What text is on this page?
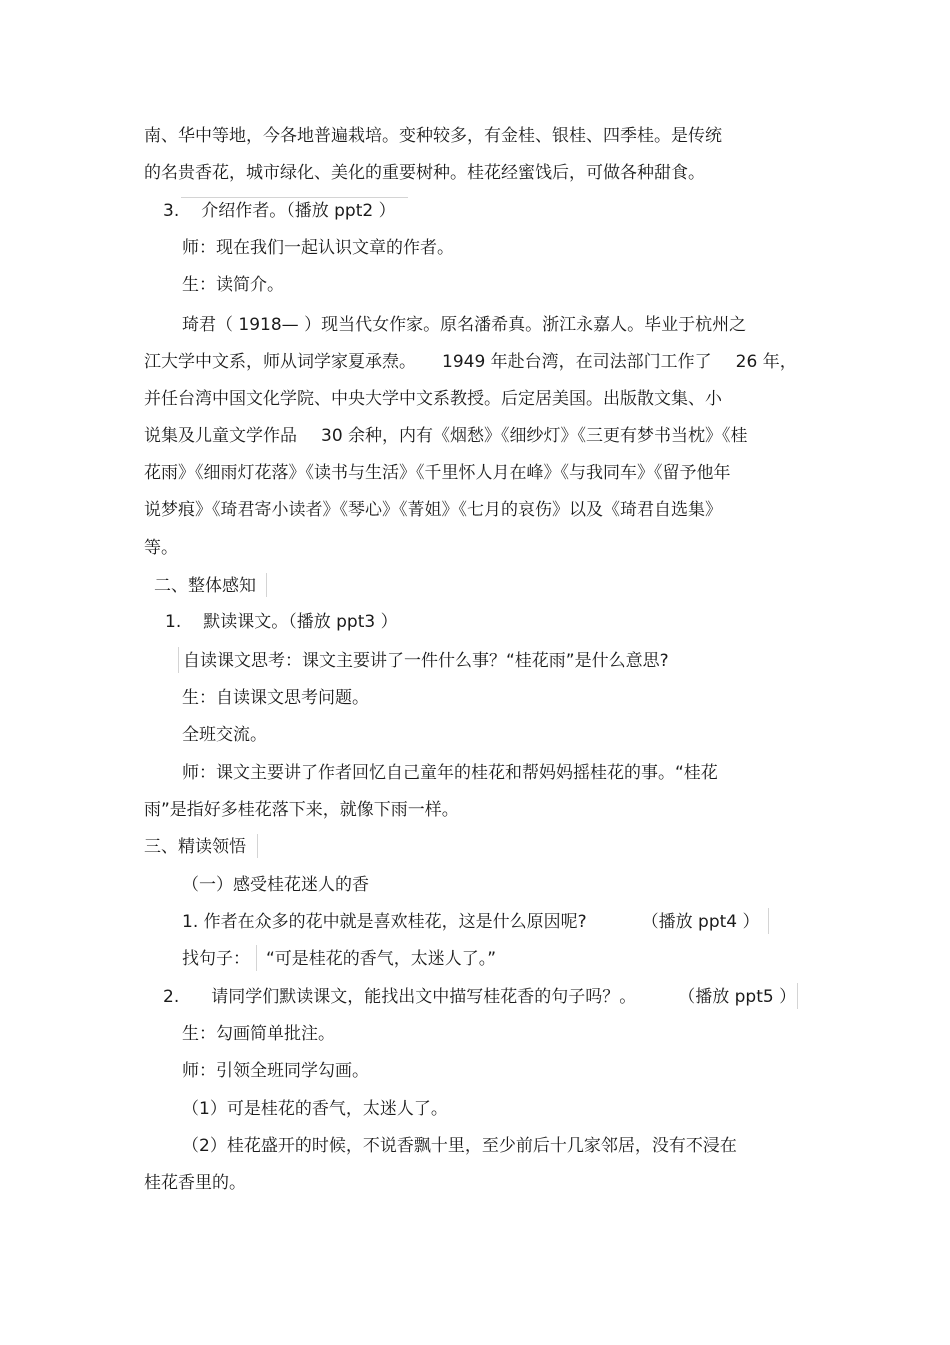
南、华中等地，今各地普遍栽培。变种较多，有金桂、银桂、四季桂。是传统
的名贵香花，城市绿化、美化的重要树种。桂花经蜜饯后，可做各种甜食。
3. 介绍作者。（播放 ppt2 ）
师：现在我们一起认识文章的作者。
生：读简介。
琦君（ 1918— ）现当代女作家。原名潘希真。浙江永嘉人。毕业于杭州之
江大学中文系，师从词学家夏承焘。 1949 年赴台湾，在司法部门工作了 26 年，
并任台湾中国文化学院、中央大学中文系教授。后定居美国。出版散文集、小
说集及儿童文学作品 30 余种，内有《烟愁》《细纱灯》《三更有梦书当枕》《桂
花雨》《细雨灯花落》《读书与生活》《千里怀人月在峰》《与我同车》《留予他年
说梦痕》《琦君寄小读者》《琴心》《菁姐》《七月的哀伤》以及《琦君自选集》
等。
二、整体感知
1. 默读课文。（播放 ppt3 ）
自读课文思考：课文主要讲了一件什么事？“桂花雨”是什么意思?
生：自读课文思考问题。
全班交流。
师：课文主要讲了作者回忆自己童年的桂花和帮妈妈摇桂花的事。“桂花
雨”是指好多桂花落下来，就像下雨一样。
三、精读领悟
（一）感受桂花迷人的香
1. 作者在众多的花中就是喜欢桂花，这是什么原因呢?	（播放 ppt4 ）
找句子： “可是桂花的香气，太迷人了。”
2. 请同学们默读课文，能找出文中描写桂花香的句子吗？。 （播放 ppt5 ）
生：勾画简单批注。
师：引领全班同学勾画。
（1）可是桂花的香气，太迷人了。
（2）桂花盛开的时候，不说香飘十里，至少前后十几家邻居，没有不浸在
桂花香里的。
